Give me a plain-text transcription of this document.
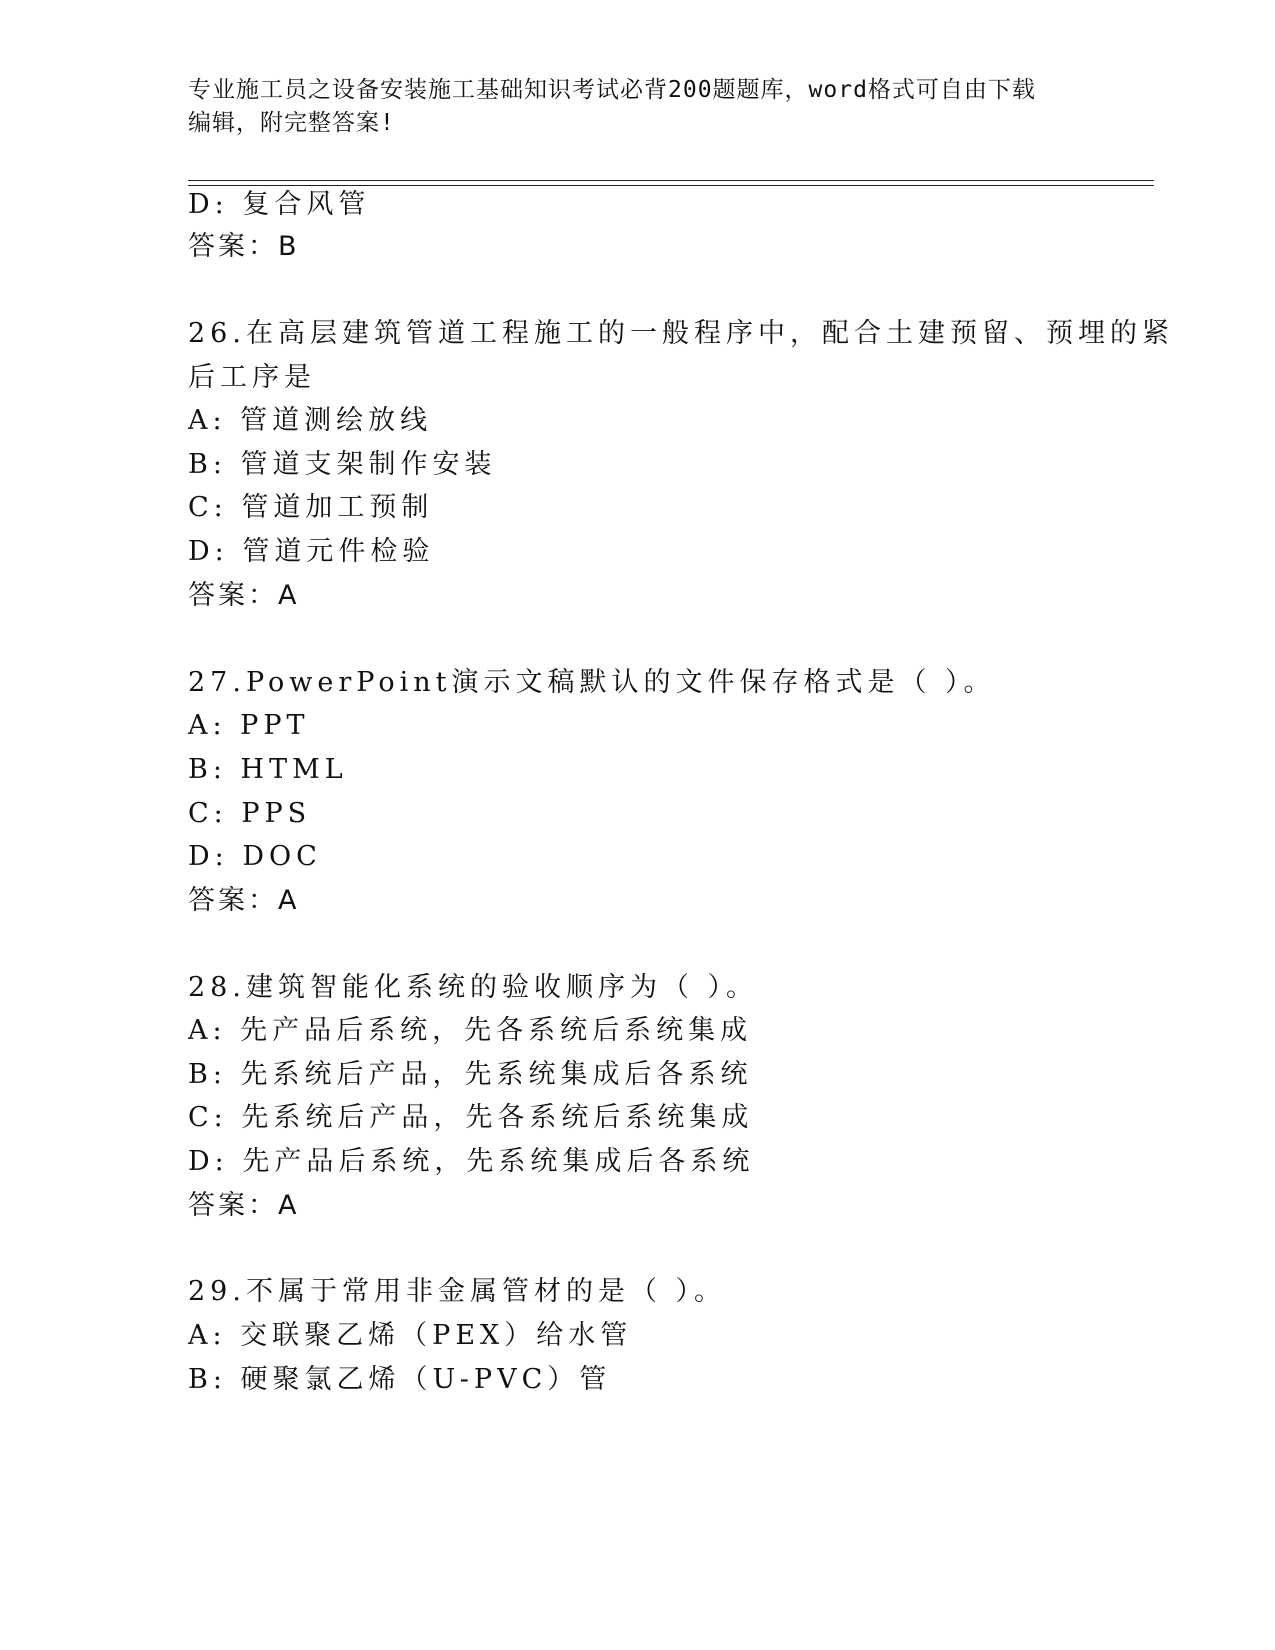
专业施工员之设备安装施工基础知识考试必背200题题库，word格式可自由下载
编辑，附完整答案!
D: 复合风管
答案：B
26.在高层建筑管道工程施工的一般程序中，配合土建预留、预埋的紧
后工序是
A: 管道测绘放线
B: 管道支架制作安装
C: 管道加工预制
D: 管道元件检验
答案：A
27.PowerPoint演示文稿默认的文件保存格式是（ ）。
A: PPT
B: HTML
C: PPS
D: DOC
答案：A
28.建筑智能化系统的验收顺序为（ ）。
A: 先产品后系统，先各系统后系统集成
B: 先系统后产品，先系统集成后各系统
C: 先系统后产品，先各系统后系统集成
D: 先产品后系统，先系统集成后各系统
答案：A
29.不属于常用非金属管材的是（ ）。
A: 交联聚乙烯（PEX）给水管
B: 硬聚氯乙烯（U-PVC）管
